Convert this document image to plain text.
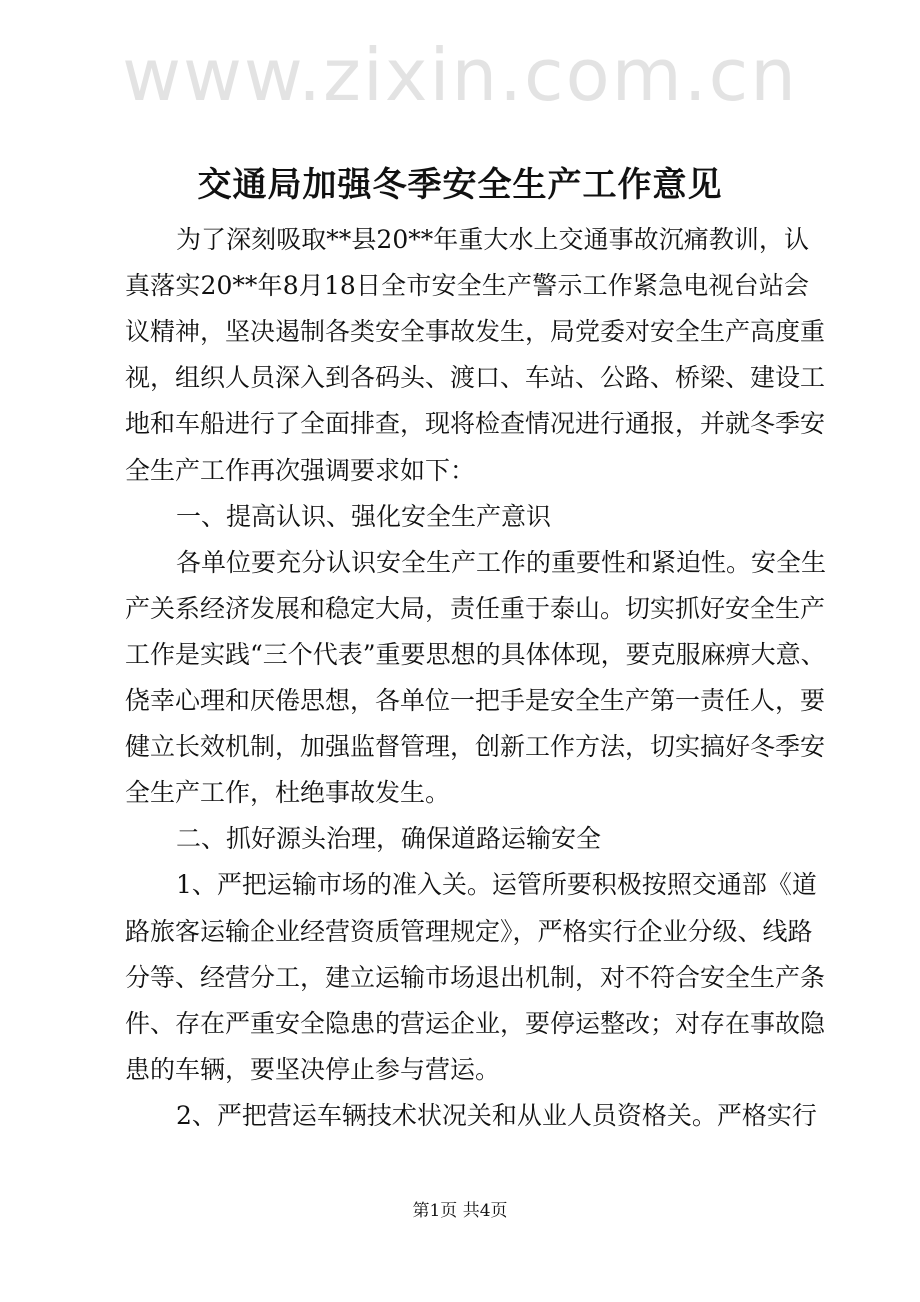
www.zixin.com.cn
交通局加强冬季安全生产工作意见
为了深刻吸取**县20**年重大水上交通事故沉痛教训，认
真落实20**年8月18日全市安全生产警示工作紧急电视台站会
议精神，坚决遏制各类安全事故发生，局党委对安全生产高度重
视，组织人员深入到各码头、渡口、车站、公路、桥梁、建设工
地和车船进行了全面排查，现将检查情况进行通报，并就冬季安
全生产工作再次强调要求如下：
一、提高认识、强化安全生产意识
各单位要充分认识安全生产工作的重要性和紧迫性。安全生
产关系经济发展和稳定大局，责任重于泰山。切实抓好安全生产
工作是实践“三个代表”重要思想的具体体现，要克服麻痹大意、
侥幸心理和厌倦思想，各单位一把手是安全生产第一责任人，要
健立长效机制，加强监督管理，创新工作方法，切实搞好冬季安
全生产工作，杜绝事故发生。
二、抓好源头治理，确保道路运输安全
1、严把运输市场的准入关。运管所要积极按照交通部《道
路旅客运输企业经营资质管理规定》，严格实行企业分级、线路
分等、经营分工，建立运输市场退出机制，对不符合安全生产条
件、存在严重安全隐患的营运企业，要停运整改；对存在事故隐
患的车辆，要坚决停止参与营运。
2、严把营运车辆技术状况关和从业人员资格关。严格实行
第1页 共4页
